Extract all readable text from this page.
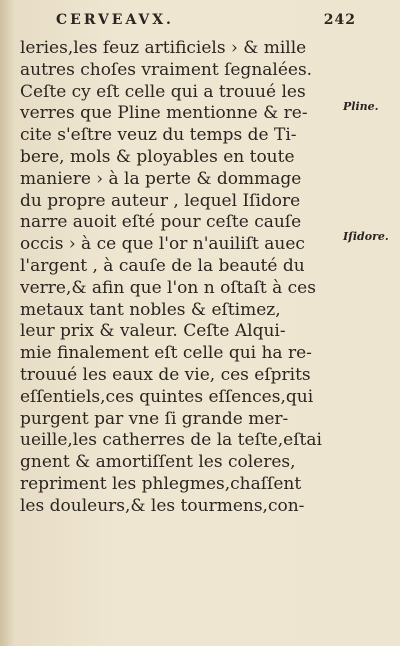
CERVEAVX.	242
leries,les feuz artificiels › & mille
autres choſes vraiment ſegnalées.
Ceſte cy eſt celle qui a trouué les
verres que Pline mentionne & re-
cite s'eſtre veuz du temps de Ti-
bere, mols & ployables en toute
maniere › à la perte & dommage
du propre auteur , lequel Iſidore
narre auoit eſté pour ceſte cauſe
occis › à ce que l'or n'auiliſt auec
l'argent , à cauſe de la beauté du
verre,& afin que l'on n oſtaſt à ces
metaux tant nobles & eſtimez,
leur prix & valeur. Ceſte Alqui-
mie finalement eſt celle qui ha re-
trouué les eaux de vie, ces eſprits
eſſentiels,ces quintes eſſences,qui
purgent par vne ſi grande mer-
ueille,les catherres de la teſte,eſtai
gnent & amortiſſent les coleres,
repriment les phlegmes,chaſſent
les douleurs,& les tourmens,con-
Pline.
Iſidore.
